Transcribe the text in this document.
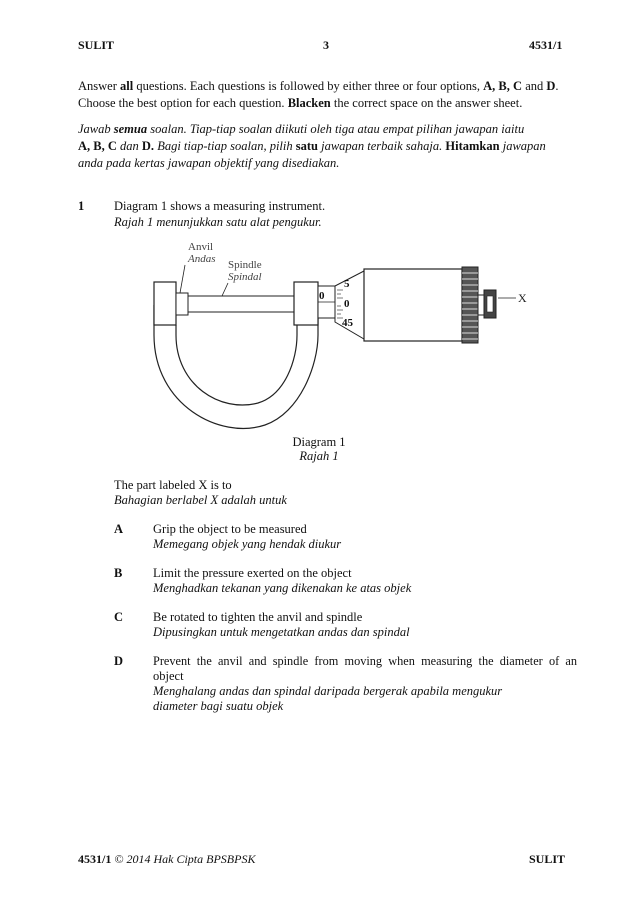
SULIT	3	4531/1
Answer all questions. Each questions is followed by either three or four options, A, B, C and D.
Choose the best option for each question. Blacken the correct space on the answer sheet.
Jawab semua soalan. Tiap-tiap soalan diikuti oleh tiga atau empat pilihan jawapan iaitu
A, B, C dan D. Bagi tiap-tiap soalan, pilih satu jawapan terbaik sahaja. Hitamkan jawapan
anda pada kertas jawapan objektif yang disediakan.
1 Diagram 1 shows a measuring instrument.
Rajah 1 menunjukkan satu alat pengukur.
Anvil
Andas Spindle
Spindal
0
5
0
45
X
Diagram 1
Rajah 1
The part labeled X is to
Bahagian berlabel X adalah untuk
A Grip the object to be measured
Memegang objek yang hendak diukur
B Limit the pressure exerted on the object
Menghadkan tekanan yang dikenakan ke atas objek
C Be rotated to tighten the anvil and spindle
Dipusingkan untuk mengetatkan andas dan spindal
D Prevent the anvil and spindle from moving when measuring the diameter of an
object
Menghalang andas dan spindal daripada bergerak apabila mengukur
diameter bagi suatu objek
4531/1 © 2014 Hak Cipta BPSBPSK	SULIT
